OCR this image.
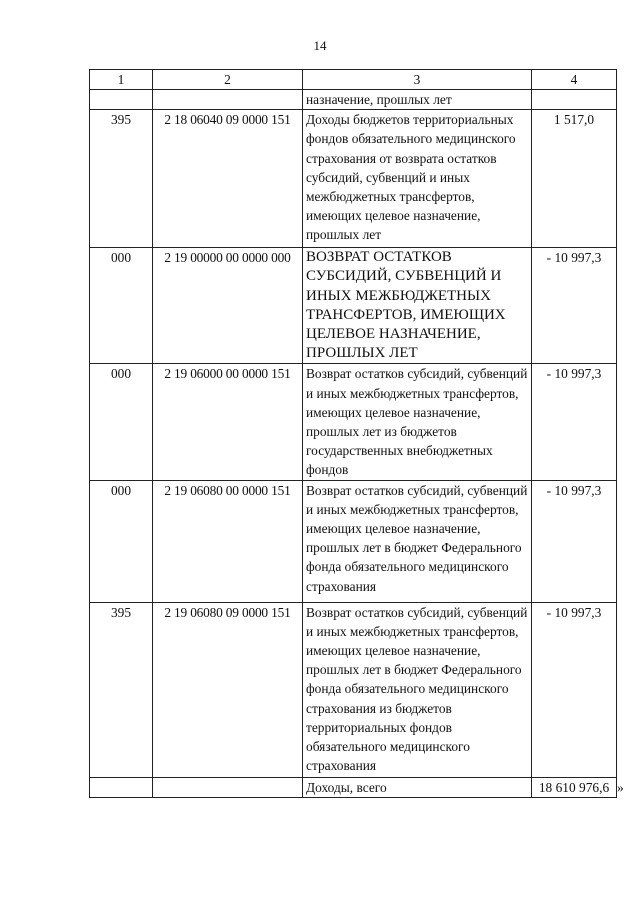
14
1	2	3	4
		назначение, прошлых лет	
395	2 18 06040 09 0000 151	Доходы бюджетов территориальных фондов обязательного медицинского страхования от возврата остатков субсидий, субвенций и иных межбюджетных трансфертов, имеющих целевое назначение, прошлых лет	1 517,0
000	2 19 00000 00 0000 000	ВОЗВРАТ ОСТАТКОВ СУБСИДИЙ, СУБВЕНЦИЙ И ИНЫХ МЕЖБЮДЖЕТНЫХ ТРАНСФЕРТОВ, ИМЕЮЩИХ ЦЕЛЕВОЕ НАЗНАЧЕНИЕ, ПРОШЛЫХ ЛЕТ	- 10 997,3
000	2 19 06000 00 0000 151	Возврат остатков субсидий, субвенций и иных межбюджетных трансфертов, имеющих целевое назначение, прошлых лет из бюджетов государственных внебюджетных фондов	- 10 997,3
000	2 19 06080 00 0000 151	Возврат остатков субсидий, субвенций и иных межбюджетных трансфертов, имеющих целевое назначение, прошлых лет в бюджет Федерального фонда обязательного медицинского страхования	- 10 997,3
395	2 19 06080 09 0000 151	Возврат остатков субсидий, субвенций и иных межбюджетных трансфертов, имеющих целевое назначение, прошлых лет в бюджет Федерального фонда обязательного медицинского страхования из бюджетов территориальных фондов обязательного медицинского страхования	- 10 997,3
		Доходы, всего	18 610 976,6 »
